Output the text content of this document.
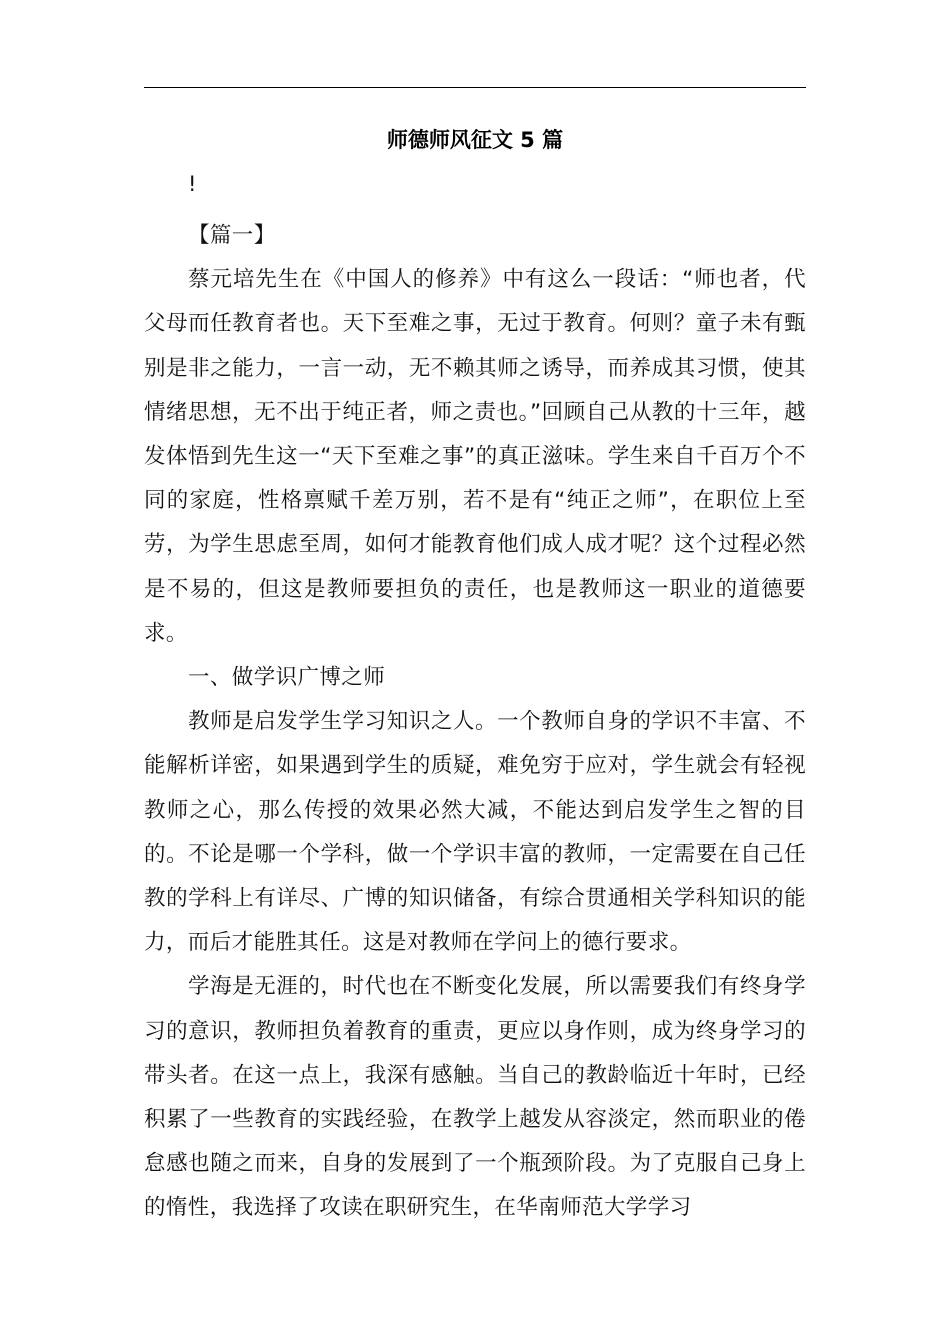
师德师风征文 5 篇
!

【篇一】

蔡元培先生在《中国人的修养》中有这么一段话：“师也者，代父母而任教育者也。天下至难之事，无过于教育。何则？童子未有甄别是非之能力，一言一动，无不赖其师之诱导，而养成其习惯，使其情绪思想，无不出于纯正者，师之责也。”回顾自己从教的十三年，越发体悟到先生这一“天下至难之事”的真正滋味。学生来自千百万个不同的家庭，性格禀赋千差万别，若不是有“纯正之师”，在职位上至劳，为学生思虑至周，如何才能教育他们成人成才呢？这个过程必然是不易的，但这是教师要担负的责任，也是教师这一职业的道德要求。

一、做学识广博之师

教师是启发学生学习知识之人。一个教师自身的学识不丰富、不能解析详密，如果遇到学生的质疑，难免穷于应对，学生就会有轻视教师之心，那么传授的效果必然大减，不能达到启发学生之智的目的。不论是哪一个学科，做一个学识丰富的教师，一定需要在自己任教的学科上有详尽、广博的知识储备，有综合贯通相关学科知识的能力，而后才能胜其任。这是对教师在学问上的德行要求。

学海是无涯的，时代也在不断变化发展，所以需要我们有终身学习的意识，教师担负着教育的重责，更应以身作则，成为终身学习的带头者。在这一点上，我深有感触。当自己的教龄临近十年时，已经积累了一些教育的实践经验，在教学上越发从容淡定，然而职业的倦怠感也随之而来，自身的发展到了一个瓶颈阶段。为了克服自己身上的惰性，我选择了攻读在职研究生，在华南师范大学学习
